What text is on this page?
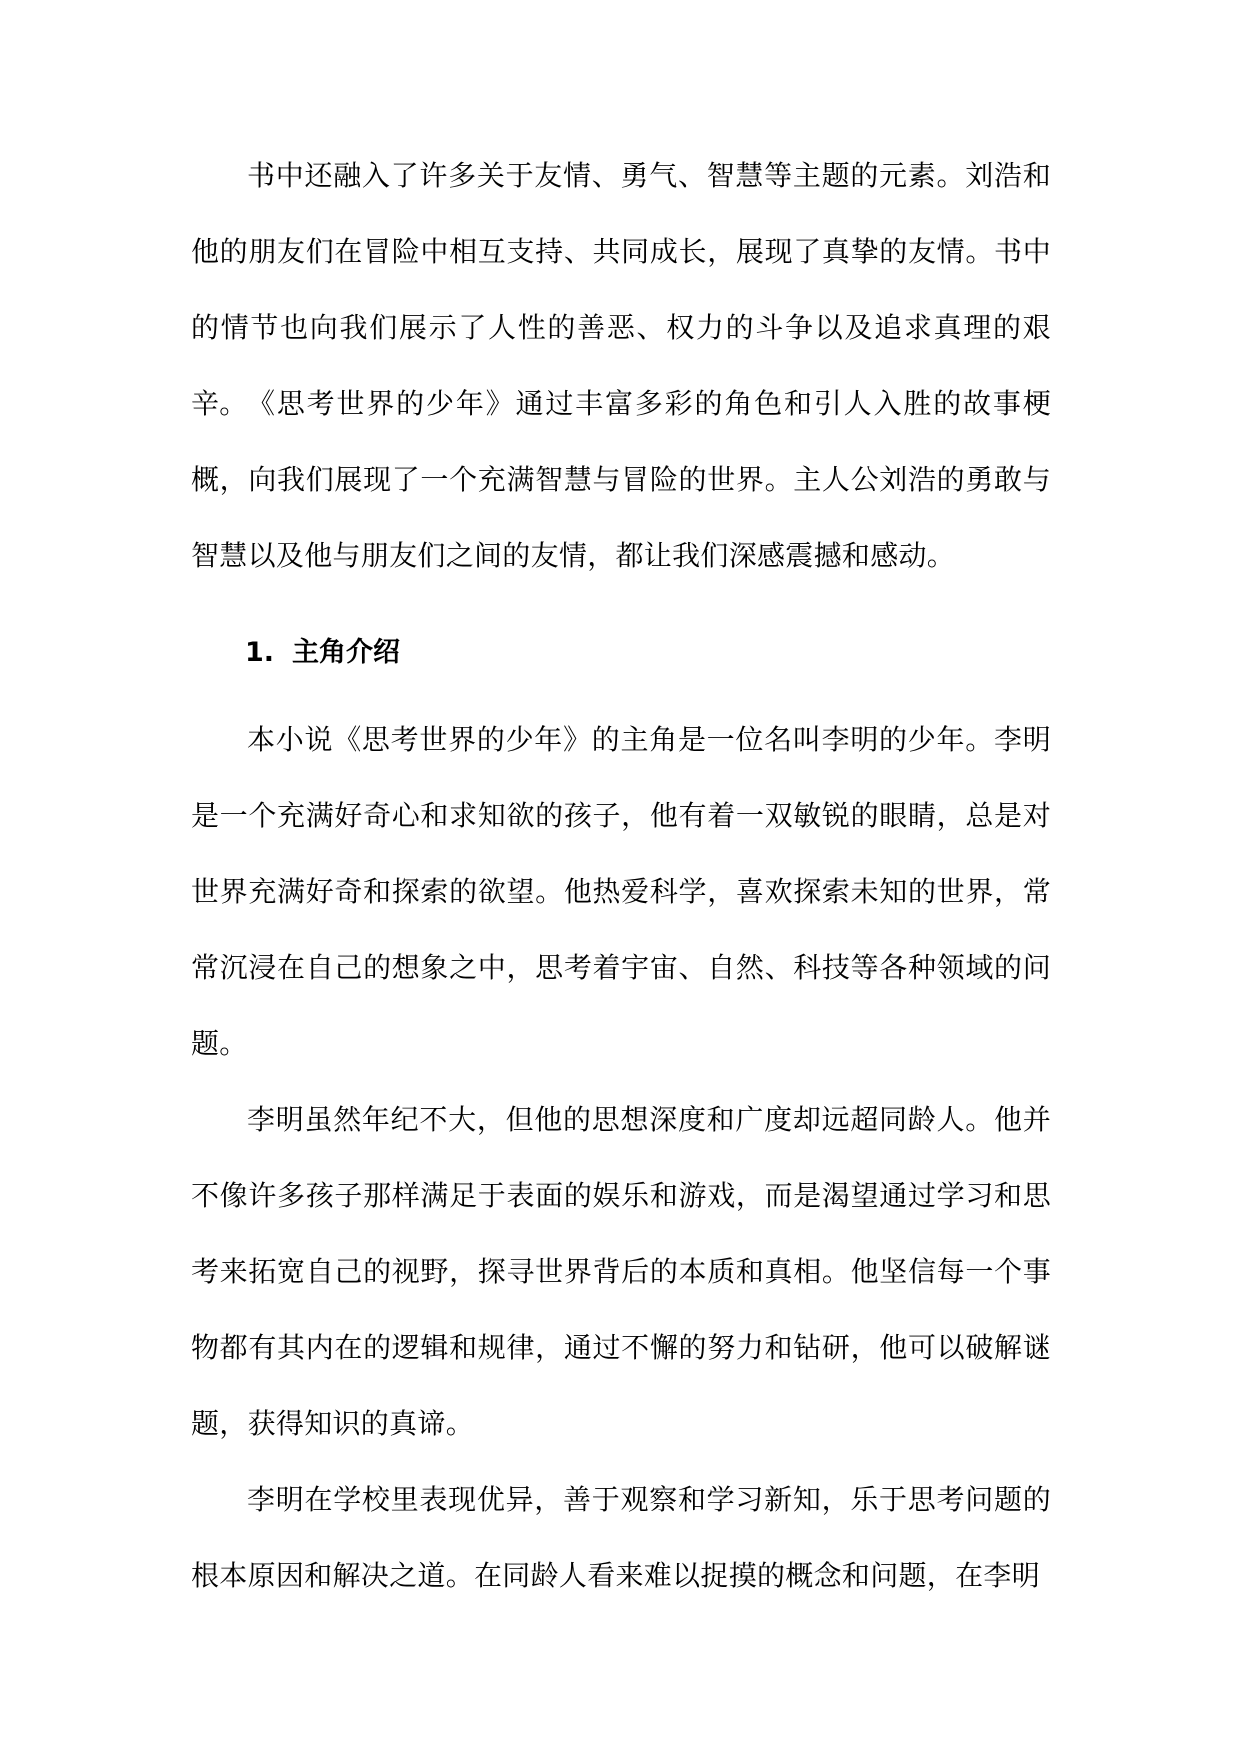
书中还融入了许多关于友情、勇气、智慧等主题的元素。刘浩和他的朋友们在冒险中相互支持、共同成长，展现了真挚的友情。书中的情节也向我们展示了人性的善恶、权力的斗争以及追求真理的艰辛。 《思考世界的少年》通过丰富多彩的角色和引人入胜的故事梗概，向我们展现了一个充满智慧与冒险的世界。主人公刘浩的勇敢与智慧以及他与朋友们之间的友情，都让我们深感震撼和感动。

1. 主角介绍

本小说《思考世界的少年》的主角是一位名叫李明的少年。李明是一个充满好奇心和求知欲的孩子，他有着一双敏锐的眼睛，总是对世界充满好奇和探索的欲望。他热爱科学，喜欢探索未知的世界，常常沉浸在自己的想象之中，思考着宇宙、自然、科技等各种领域的问题。

李明虽然年纪不大，但他的思想深度和广度却远超同龄人。他并不像许多孩子那样满足于表面的娱乐和游戏，而是渴望通过学习和思考来拓宽自己的视野，探寻世界背后的本质和真相。他坚信每一个事物都有其内在的逻辑和规律，通过不懈的努力和钻研，他可以破解谜题，获得知识的真谛。

李明在学校里表现优异，善于观察和学习新知，乐于思考问题的根本原因和解决之道。在同龄人看来难以捉摸的概念和问题，在李明
